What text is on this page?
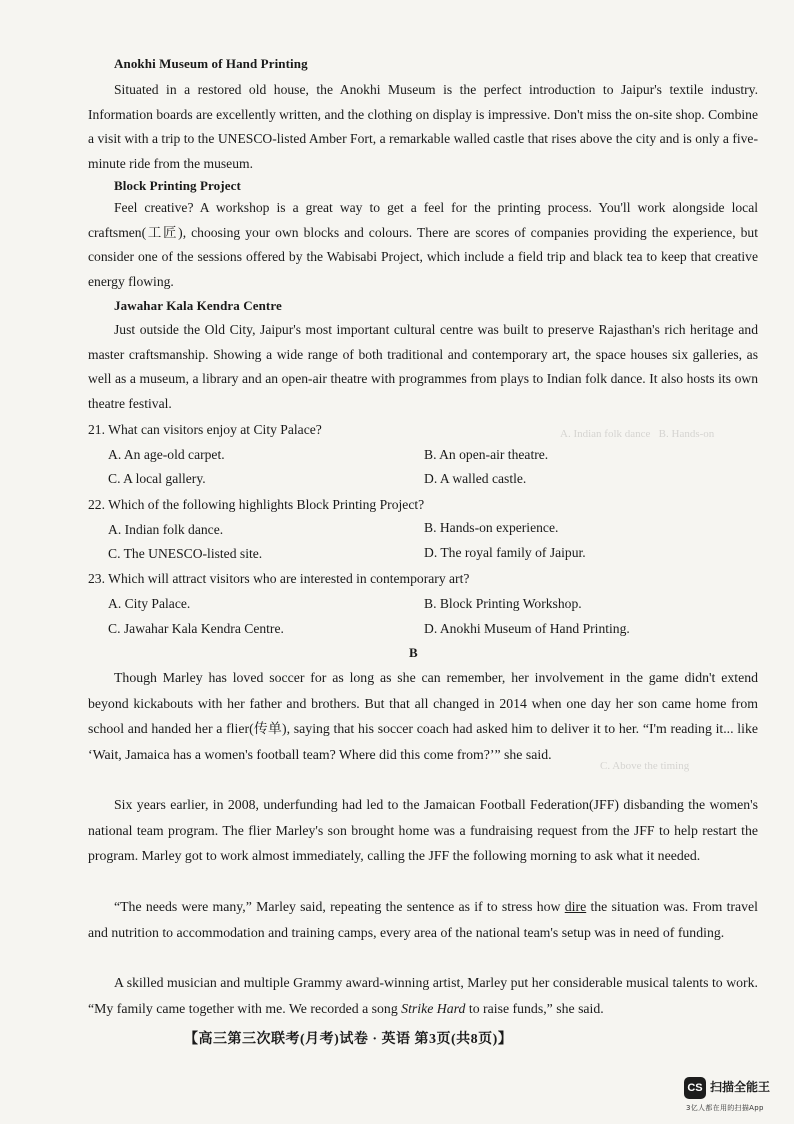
A. Indian folk dance   B. Hands-on
C. Above the timing
Anokhi Museum of Hand Printing

Situated in a restored old house, the Anokhi Museum is the perfect introduction to Jaipur's textile industry. Information boards are excellently written, and the clothing on display is impressive. Don't miss the on-site shop. Combine a visit with a trip to the UNESCO-listed Amber Fort, a remarkable walled castle that rises above the city and is only a five-minute ride from the museum.

Block Printing Project

Feel creative? A workshop is a great way to get a feel for the printing process. You'll work alongside local craftsmen(工匠), choosing your own blocks and colours. There are scores of companies providing the experience, but consider one of the sessions offered by the Wabisabi Project, which include a field trip and black tea to keep that creative energy flowing.

Jawahar Kala Kendra Centre

Just outside the Old City, Jaipur's most important cultural centre was built to preserve Rajasthan's rich heritage and master craftsmanship. Showing a wide range of both traditional and contemporary art, the space houses six galleries, as well as a museum, a library and an open-air theatre with programmes from plays to Indian folk dance. It also hosts its own theatre festival.

21. What can visitors enjoy at City Palace?
A. An age-old carpet.	B. An open-air theatre.
C. A local gallery.	D. A walled castle.
22. Which of the following highlights Block Printing Project?
A. Indian folk dance.	B. Hands-on experience.
C. The UNESCO-listed site.	D. The royal family of Jaipur.
23. Which will attract visitors who are interested in contemporary art?
A. City Palace.	B. Block Printing Workshop.
C. Jawahar Kala Kendra Centre.	D. Anokhi Museum of Hand Printing.
B

Though Marley has loved soccer for as long as she can remember, her involvement in the game didn't extend beyond kickabouts with her father and brothers. But that all changed in 2014 when one day her son came home from school and handed her a flier(传单), saying that his soccer coach had asked him to deliver it to her. “I'm reading it... like ‘Wait, Jamaica has a women's football team? Where did this come from?’” she said.

Six years earlier, in 2008, underfunding had led to the Jamaican Football Federation(JFF) disbanding the women's national team program. The flier Marley's son brought home was a fundraising request from the JFF to help restart the program. Marley got to work almost immediately, calling the JFF the following morning to ask what it needed.

“The needs were many,” Marley said, repeating the sentence as if to stress how dire the situation was. From travel and nutrition to accommodation and training camps, every area of the national team's setup was in need of funding.

A skilled musician and multiple Grammy award-winning artist, Marley put her considerable musical talents to work. “My family came together with me. We recorded a song Strike Hard to raise funds,” she said.

【高三第三次联考(月考)试卷 · 英语 第3页(共8页)】
CS 扫描全能王
3亿人都在用的扫描App
